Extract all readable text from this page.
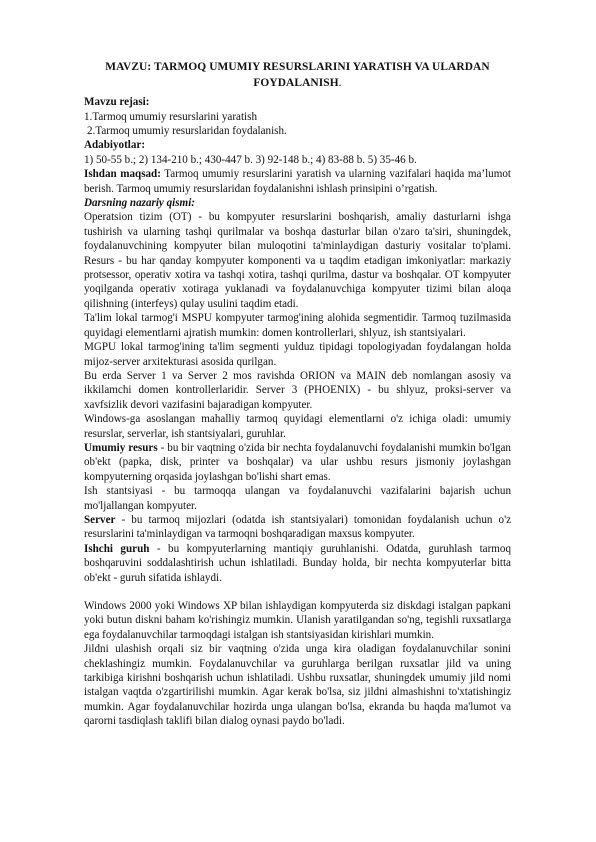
MAVZU: TARMOQ UMUMIY RESURSLARINI YARATISH VA ULARDAN
FOYDALANISH.

Mavzu rejasi:

1.Tarmoq umumiy resurslarini yaratish

2.Tarmoq umumiy resurslaridan foydalanish.

Adabiyotlar:

1) 50-55 b.; 2) 134-210 b.; 430-447 b. 3) 92-148 b.; 4) 83-88 b. 5) 35-46 b.

Ishdan maqsad: Tarmoq umumiy resurslarini yaratish va ularning vazifalari haqida ma’lumot berish. Tarmoq umumiy resurslaridan foydalanishni ishlash prinsipini o’rgatish.

Darsning nazariy qismi:

Operatsion tizim (OT) - bu kompyuter resurslarini boshqarish, amaliy dasturlarni ishga tushirish va ularning tashqi qurilmalar va boshqa dasturlar bilan o'zaro ta'siri, shuningdek, foydalanuvchining kompyuter bilan muloqotini ta'minlaydigan dasturiy vositalar to'plami. Resurs - bu har qanday kompyuter komponenti va u taqdim etadigan imkoniyatlar: markaziy protsessor, operativ xotira va tashqi xotira, tashqi qurilma, dastur va boshqalar. OT kompyuter yoqilganda operativ xotiraga yuklanadi va foydalanuvchiga kompyuter tizimi bilan aloqa qilishning (interfeys) qulay usulini taqdim etadi.

Ta'lim lokal tarmog'i MSPU kompyuter tarmog'ining alohida segmentidir. Tarmoq tuzilmasida quyidagi elementlarni ajratish mumkin: domen kontrollerlari, shlyuz, ish stantsiyalari.

MGPU lokal tarmog'ining ta'lim segmenti yulduz tipidagi topologiyadan foydalangan holda mijoz-server arxitekturasi asosida qurilgan.

Bu erda Server 1 va Server 2 mos ravishda ORION va MAIN deb nomlangan asosiy va ikkilamchi domen kontrollerlaridir. Server 3 (PHOENIX) - bu shlyuz, proksi-server va xavfsizlik devori vazifasini bajaradigan kompyuter.

Windows-ga asoslangan mahalliy tarmoq quyidagi elementlarni o'z ichiga oladi: umumiy resurslar, serverlar, ish stantsiyalari, guruhlar.

Umumiy resurs - bu bir vaqtning o'zida bir nechta foydalanuvchi foydalanishi mumkin bo'lgan ob'ekt (papka, disk, printer va boshqalar) va ular ushbu resurs jismoniy joylashgan kompyuterning orqasida joylashgan bo'lishi shart emas.

Ish stantsiyasi - bu tarmoqqa ulangan va foydalanuvchi vazifalarini bajarish uchun mo'ljallangan kompyuter.

Server - bu tarmoq mijozlari (odatda ish stantsiyalari) tomonidan foydalanish uchun o'z resurslarini ta'minlaydigan va tarmoqni boshqaradigan maxsus kompyuter.

Ishchi guruh - bu kompyuterlarning mantiqiy guruhlanishi. Odatda, guruhlash tarmoq boshqaruvini soddalashtirish uchun ishlatiladi. Bunday holda, bir nechta kompyuterlar bitta ob'ekt - guruh sifatida ishlaydi.

Windows 2000 yoki Windows XP bilan ishlaydigan kompyuterda siz diskdagi istalgan papkani yoki butun diskni baham ko'rishingiz mumkin. Ulanish yaratilgandan so'ng, tegishli ruxsatlarga ega foydalanuvchilar tarmoqdagi istalgan ish stantsiyasidan kirishlari mumkin.

Jildni ulashish orqali siz bir vaqtning o'zida unga kira oladigan foydalanuvchilar sonini cheklashingiz mumkin. Foydalanuvchilar va guruhlarga berilgan ruxsatlar jild va uning tarkibiga kirishni boshqarish uchun ishlatiladi. Ushbu ruxsatlar, shuningdek umumiy jild nomi istalgan vaqtda o'zgartirilishi mumkin. Agar kerak bo'lsa, siz jildni almashishni to'xtatishingiz mumkin. Agar foydalanuvchilar hozirda unga ulangan bo'lsa, ekranda bu haqda ma'lumot va qarorni tasdiqlash taklifi bilan dialog oynasi paydo bo'ladi.
